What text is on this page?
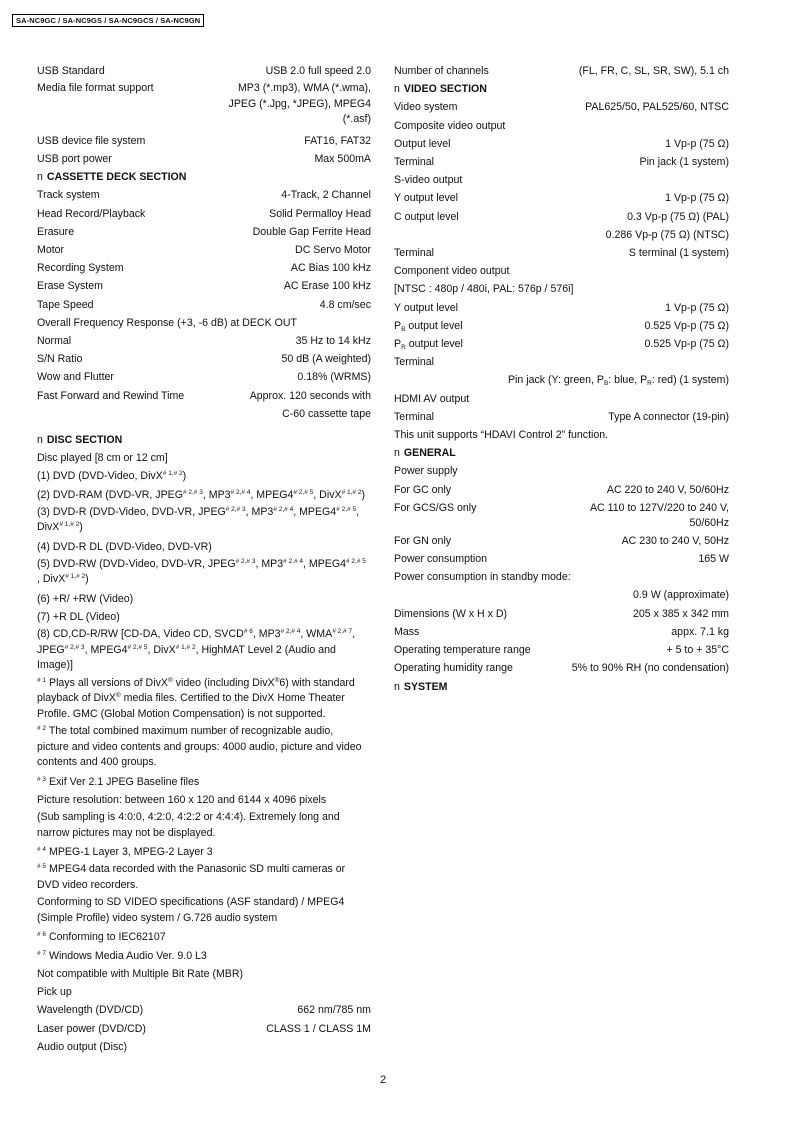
SA-NC9GC / SA-NC9GS / SA-NC9GCS / SA-NC9GN
USB Standard	USB 2.0 full speed 2.0
Media file format support	MP3 (*.mp3), WMA (*.wma),
JPEG (*.Jpg, *JPEG), MPEG4
(*.asf)
USB device file system	FAT16, FAT32
USB port power	Max 500mA
n CASSETTE DECK SECTION
Track system	4-Track, 2 Channel
Head Record/Playback	Solid Permalloy Head
Erasure	Double Gap Ferrite Head
Motor	DC Servo Motor
Recording System	AC Bias 100 kHz
Erase System	AC Erase 100 kHz
Tape Speed	4.8 cm/sec
Overall Frequency Response (+3, -6 dB) at DECK OUT
Normal	35 Hz to 14 kHz
S/N Ratio	50 dB (A weighted)
Wow and Flutter	0.18% (WRMS)
Fast Forward and Rewind Time	Approx. 120 seconds with
C-60 cassette tape
n DISC SECTION
Disc played [8 cm or 12 cm]
(1) DVD (DVD-Video, DivX$^{\# 1,\# 2}$)
(2) DVD-RAM (DVD-VR, $JPEG^{\# 2,\# 3}$, $MP3^{\# 2,\# 4}$, $MPEG4^{\# 2,\# 5}$, DivX$^{\# 1,\# 2}$)
(3) DVD-R (DVD-Video, DVD-VR, $JPEG^{\# 2,\# 3}$, $MP3^{\# 2,\# 4}$, $MPEG4^{\# 2,\# 5}$,
DivX$^{\# 1,\# 2}$)
(4) DVD-R DL (DVD-Video, DVD-VR)
(5) DVD-RW (DVD-Video, DVD-VR, $JPEG^{\# 2,\# 3}$, $MP3^{\# 2,\# 4}$, $MPEG4^{\# 2,\# 5}$
, DivX$^{\# 1,\# 2}$)
(6) +R/ +RW (Video)
(7) +R DL (Video)
(8) CD,CD-R/RW [CD-DA, Video CD, SVCD$^{\# 6}$, $MP3^{\# 2,\# 4}$, $WMA^{\# 2,\# 7}$,
$JPEG^{\# 2,\# 3}$, $MPEG4^{\# 2,\# 5}$, DivX$^{\# 1,\# 2}$, HighMAT Level 2 (Audio and
Image)]
$^{\# 1}$ Plays all versions of DivX® video (including DivX®6) with standard
playback of DivX® media files. Certified to the DivX Home Theater
Profile. GMC (Global Motion Compensation) is not supported.
$^{\# 2}$ The total combined maximum number of recognizable audio,
picture and video contents and groups: 4000 audio, picture and video
contents and 400 groups.
$^{\# 3}$ Exif Ver 2.1 JPEG Baseline files
Picture resolution: between 160 x 120 and 6144 x 4096 pixels
(Sub sampling is 4:0:0, 4:2:0, 4:2:2 or 4:4:4). Extremely long and
narrow pictures may not be displayed.
$^{\# 4}$ MPEG-1 Layer 3, MPEG-2 Layer 3
$^{\# 5}$ MPEG4 data recorded with the Panasonic SD multi cameras or
DVD video recorders.
Conforming to SD VIDEO specifications (ASF standard) / MPEG4
(Simple Profile) video system / G.726 audio system
$^{\# 6}$ Conforming to IEC62107
$^{\# 7}$ Windows Media Audio Ver. 9.0 L3
Not compatible with Multiple Bit Rate (MBR)
Pick up
Wavelength (DVD/CD)	662 nm/785 nm
Laser power (DVD/CD)	CLASS 1 / CLASS 1M
Audio output (Disc)
Number of channels	(FL, FR, C, SL, SR, SW), 5.1 ch
n VIDEO SECTION
Video system	PAL625/50, PAL525/60, NTSC
Composite video output
Output level	1 Vp-p (75 Ω)
Terminal	Pin jack (1 system)
S-video output
Y output level	1 Vp-p (75 Ω)
C output level	0.3 Vp-p (75 Ω) (PAL)
0.286 Vp-p (75 Ω) (NTSC)
Terminal	S terminal (1 system)
Component video output
[NTSC : 480p / 480i, PAL: 576p / 576i]
Y output level	1 Vp-p (75 Ω)
$P_B$ output level	0.525 Vp-p (75 Ω)
$P_R$ output level	0.525 Vp-p (75 Ω)
Terminal
Pin jack (Y: green, $P_B$: blue, $P_R$: red) (1 system)
HDMI AV output
Terminal	Type A connector (19-pin)
This unit supports “HDAVI Control 2” function.
n GENERAL
Power supply
For GC only	AC 220 to 240 V, 50/60Hz
For GCS/GS only	AC 110 to 127V/220 to 240 V,
50/60Hz
For GN only	AC 230 to 240 V, 50Hz
Power consumption	165 W
Power consumption in standby mode:
0.9 W (approximate)
Dimensions (W x H x D)	205 x 385 x 342 mm
Mass	appx. 7.1 kg
Operating temperature range	+ 5 to + 35°C
Operating humidity range	5% to 90% RH (no condensation)
n SYSTEM
2
